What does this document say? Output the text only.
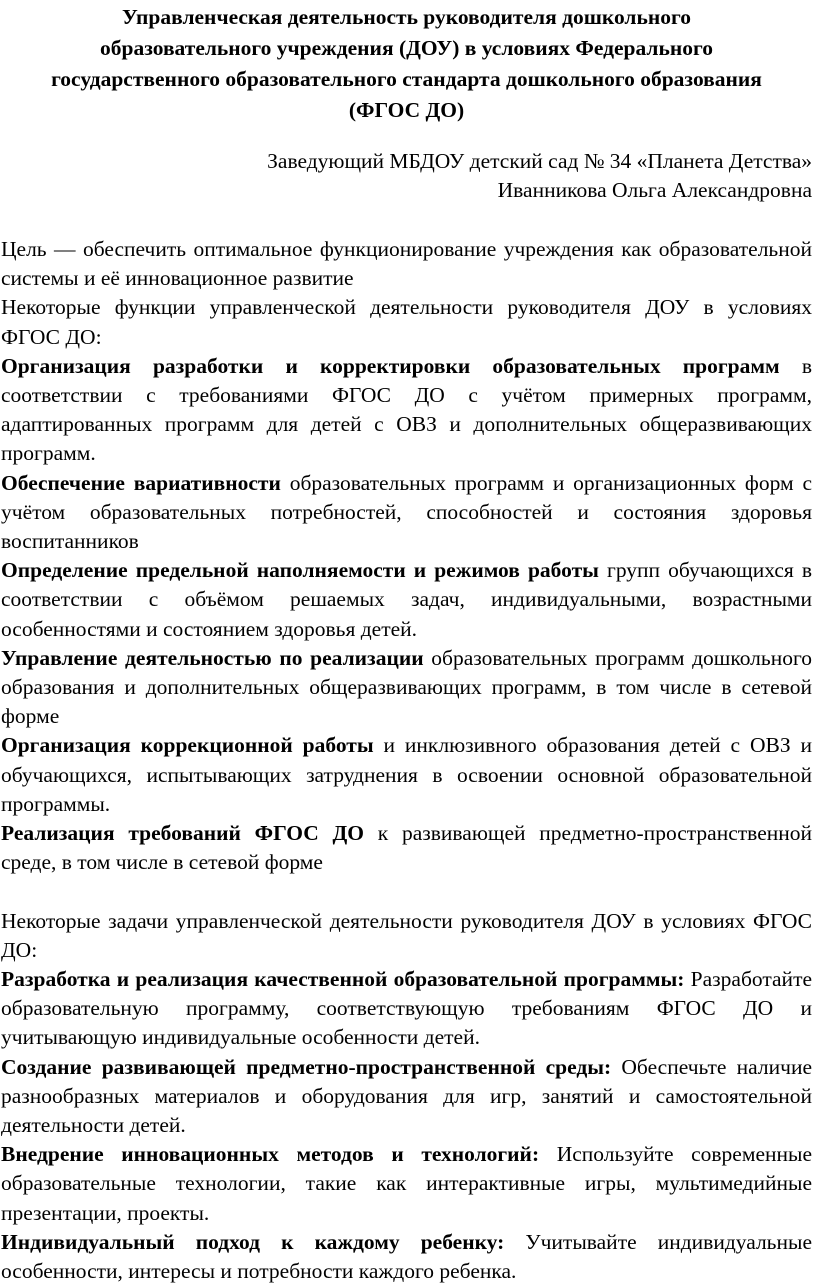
Управленческая деятельность руководителя дошкольного
образовательного учреждения (ДОУ) в условиях Федерального
государственного образовательного стандарта дошкольного образования
(ФГОС ДО)
Заведующий МБДОУ детский сад № 34 «Планета Детства»
Иванникова Ольга Александровна

Цель — обеспечить оптимальное функционирование учреждения как образовательной системы и её инновационное развитие

Некоторые функции управленческой деятельности руководителя ДОУ в условиях ФГОС ДО:

Организация разработки и корректировки образовательных программ в соответствии с требованиями ФГОС ДО с учётом примерных программ, адаптированных программ для детей с ОВЗ и дополнительных общеразвивающих программ.

Обеспечение вариативности образовательных программ и организационных форм с учётом образовательных потребностей, способностей и состояния здоровья воспитанников

Определение предельной наполняемости и режимов работы групп обучающихся в соответствии с объёмом решаемых задач, индивидуальными, возрастными особенностями и состоянием здоровья детей.

Управление деятельностью по реализации образовательных программ дошкольного образования и дополнительных общеразвивающих программ, в том числе в сетевой форме

Организация коррекционной работы и инклюзивного образования детей с ОВЗ и обучающихся, испытывающих затруднения в освоении основной образовательной программы.

Реализация требований ФГОС ДО к развивающей предметно-пространственной среде, в том числе в сетевой форме

Некоторые задачи управленческой деятельности руководителя ДОУ в условиях ФГОС ДО:

Разработка и реализация качественной образовательной программы: Разработайте образовательную программу, соответствующую требованиям ФГОС ДО и учитывающую индивидуальные особенности детей.

Создание развивающей предметно-пространственной среды: Обеспечьте наличие разнообразных материалов и оборудования для игр, занятий и самостоятельной деятельности детей.

Внедрение инновационных методов и технологий: Используйте современные образовательные технологии, такие как интерактивные игры, мультимедийные презентации, проекты.

Индивидуальный подход к каждому ребенку: Учитывайте индивидуальные особенности, интересы и потребности каждого ребенка.
